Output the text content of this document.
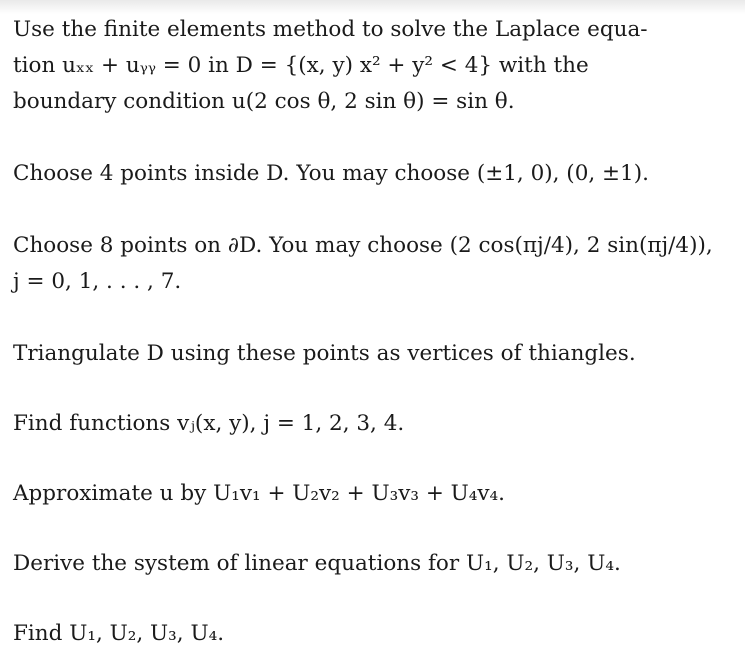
Use the finite elements method to solve the Laplace equa-

tion uₓₓ + uᵧᵧ = 0 in D = {(x, y) x² + y² < 4} with the

boundary condition u(2 cos θ, 2 sin θ) = sin θ.

Choose 4 points inside D. You may choose (±1, 0), (0, ±1).

Choose 8 points on ∂D. You may choose (2 cos(πj/4), 2 sin(πj/4)),

j = 0, 1, . . . , 7.

Triangulate D using these points as vertices of thiangles.

Find functions vⱼ(x, y), j = 1, 2, 3, 4.

Approximate u by U₁v₁ + U₂v₂ + U₃v₃ + U₄v₄.

Derive the system of linear equations for U₁, U₂, U₃, U₄.

Find U₁, U₂, U₃, U₄.
